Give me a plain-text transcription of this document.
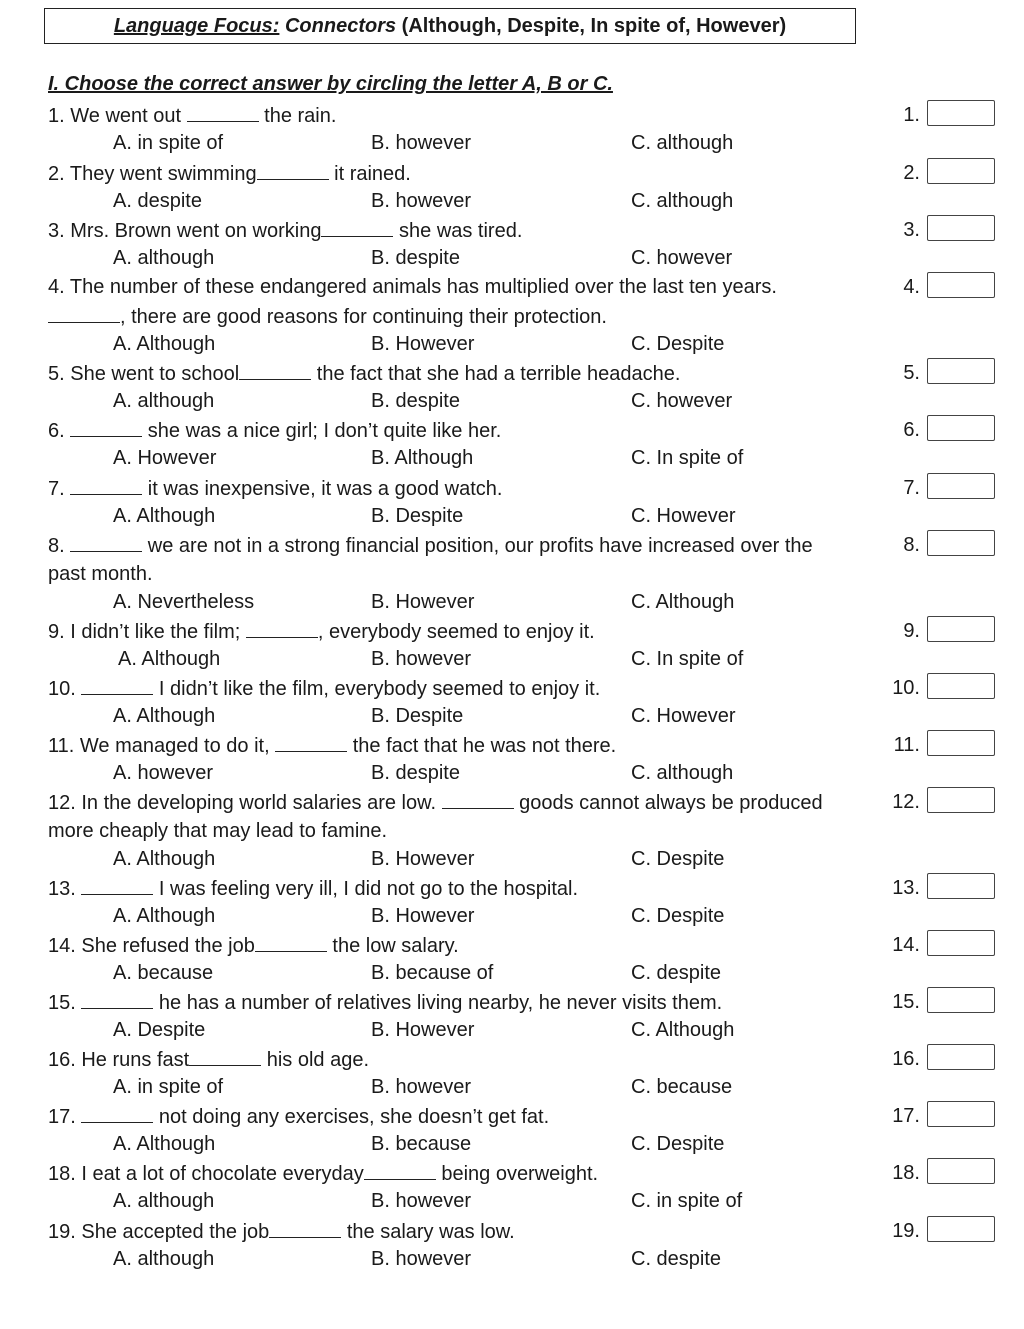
Language Focus:
Connectors
(Although, Despite, In spite of, However)
I. Choose the correct answer by circling the letter A, B or C.
1. We went out	the rain.	1.
A. in spite of	B. however	C. although
2. They went swimming	it rained.	2.
A. despite	B. however	C. although
3. Mrs. Brown went on working	she was tired.	3.
A. although	B. despite	C. however
4. The number of these endangered animals has multiplied over the last ten years.	4.
, there are good reasons for continuing their protection.
A. Although	B. However	C. Despite
5. She went to school	the fact that she had a terrible headache.	5.
A. although	B. despite	C. however
6.	she was a nice girl; I don’t quite like her.	6.
A. However	B. Although	C. In spite of
7.	it was inexpensive, it was a good watch.	7.
A. Although	B. Despite	C. However
8.	we are not in a strong financial position, our profits have increased over the	8.
past month.
A. Nevertheless	B. However	C. Although
9. I didn’t like the film;	, everybody seemed to enjoy it.	9.
A. Although	B. however	C. In spite of
10.	I didn’t like the film, everybody seemed to enjoy it.	10.
A. Although	B. Despite	C. However
11. We managed to do it,	the fact that he was not there.	11.
A. however	B. despite	C. although
12. In the developing world salaries are low.	goods cannot always be produced	12.
more cheaply that may lead to famine.
A. Although	B. However	C. Despite
13.	I was feeling very ill, I did not go to the hospital.	13.
A. Although	B. However	C. Despite
14. She refused the job	the low salary.	14.
A. because	B. because of	C. despite
15.	he has a number of relatives living nearby, he never visits them.	15.
A. Despite	B. However	C. Although
16. He runs fast	his old age.	16.
A. in spite of	B. however	C. because
17.	not doing any exercises, she doesn’t get fat.	17.
A. Although	B. because	C. Despite
18. I eat a lot of chocolate everyday	being overweight.	18.
A. although	B. however	C. in spite of
19. She accepted the job	the salary was low.	19.
A. although	B. however	C. despite
